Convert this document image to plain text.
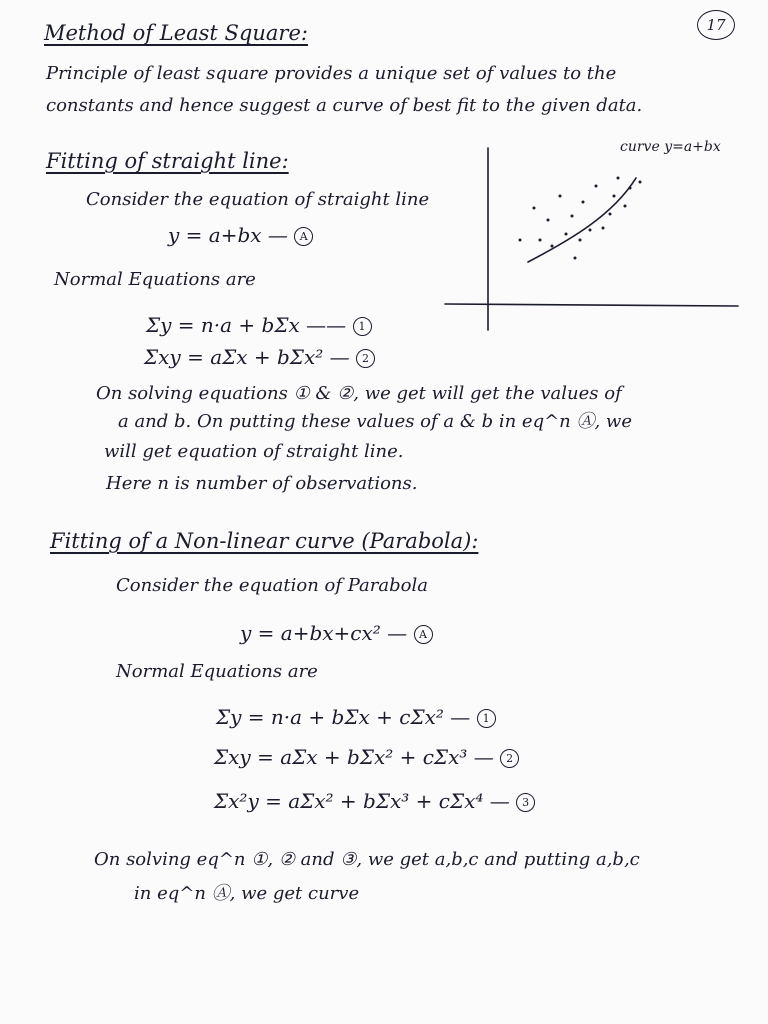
17
Method of Least Square:
Principle of least square provides a unique set of values to the
constants and hence suggest a curve of best fit to the given data.
Fitting of straight line:
Consider the equation of straight line
y = a+bx — A
Normal Equations are
Σy = n·a + bΣx —— 1
Σxy = aΣx + bΣx² — 2
On solving equations ① & ②, we get will get the values of
a and b. On putting these values of a & b in eq^n Ⓐ, we
will get equation of straight line.
Here n is number of observations.
curve y=a+bx
Fitting of a Non-linear curve (Parabola):
Consider the equation of Parabola
y = a+bx+cx² — A
Normal Equations are
Σy = n·a + bΣx + cΣx² — 1
Σxy = aΣx + bΣx² + cΣx³ — 2
Σx²y = aΣx² + bΣx³ + cΣx⁴ — 3
On solving eq^n ①, ② and ③, we get a,b,c and putting a,b,c
in eq^n Ⓐ, we get curve
